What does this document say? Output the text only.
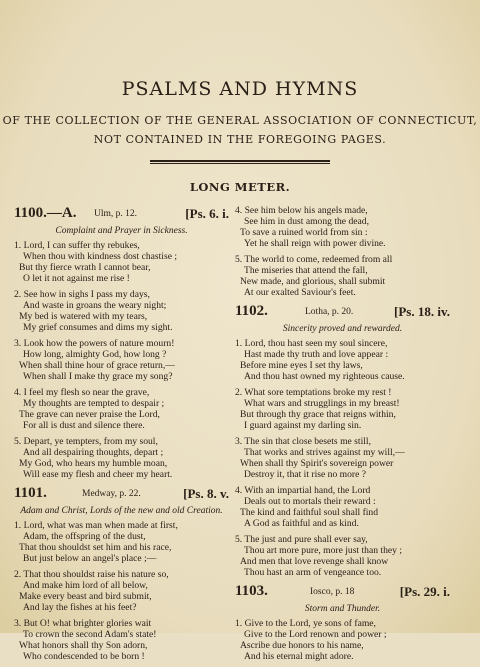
PSALMS AND HYMNS
OF THE COLLECTION OF THE GENERAL ASSOCIATION OF CONNECTICUT,
NOT CONTAINED IN THE FOREGOING PAGES.
LONG METER.
1100.—A. Ulm, p. 12.	[Ps. 6. i.
Complaint and Prayer in Sickness.
1. Lord, I can suffer thy rebukes,
When thou with kindness dost chastise ;
But thy fierce wrath I cannot bear,
O let it not against me rise !
2. See how in sighs I pass my days,
And waste in groans the weary night;
My bed is watered with my tears,
My grief consumes and dims my sight.
3. Look how the powers of nature mourn!
How long, almighty God, how long ?
When shall thine hour of grace return,—
When shall I make thy grace my song?
4. I feel my flesh so near the grave,
My thoughts are tempted to despair ;
The grave can never praise the Lord,
For all is dust and silence there.
5. Depart, ye tempters, from my soul,
And all despairing thoughts, depart ;
My God, who hears my humble moan,
Will ease my flesh and cheer my heart.
1101.	Medway, p. 22.	[Ps. 8. v.
Adam and Christ, Lords of the new and old Creation.
1. Lord, what was man when made at first,
Adam, the offspring of the dust,
That thou shouldst set him and his race,
But just below an angel's place ;—
2. That thou shouldst raise his nature so,
And make him lord of all below,
Make every beast and bird submit,
And lay the fishes at his feet?
3. But O! what brighter glories wait
To crown the second Adam's state!
What honors shall thy Son adorn,
Who condescended to be born !
4. See him below his angels made,
See him in dust among the dead,
To save a ruined world from sin :
Yet he shall reign with power divine.
5. The world to come, redeemed from all
The miseries that attend the fall,
New made, and glorious, shall submit
At our exalted Saviour's feet.
1102.	Lotha, p. 20.	[Ps. 18. iv.
Sincerity proved and rewarded.
1. Lord, thou hast seen my soul sincere,
Hast made thy truth and love appear :
Before mine eyes I set thy laws,
And thou hast owned my righteous cause.
2. What sore temptations broke my rest !
What wars and strugglings in my breast!
But through thy grace that reigns within,
I guard against my darling sin.
3. The sin that close besets me still,
That works and strives against my will,—
When shall thy Spirit's sovereign power
Destroy it, that it rise no more ?
4. With an impartial hand, the Lord
Deals out to mortals their reward :
The kind and faithful soul shall find
A God as faithful and as kind.
5. The just and pure shall ever say,
Thou art more pure, more just than they ;
And men that love revenge shall know
Thou hast an arm of vengeance too.
1103.	Iosco, p. 18	[Ps. 29. i.
Storm and Thunder.
1. Give to the Lord, ye sons of fame,
Give to the Lord renown and power ;
Ascribe due honors to his name,
And his eternal might adore.
